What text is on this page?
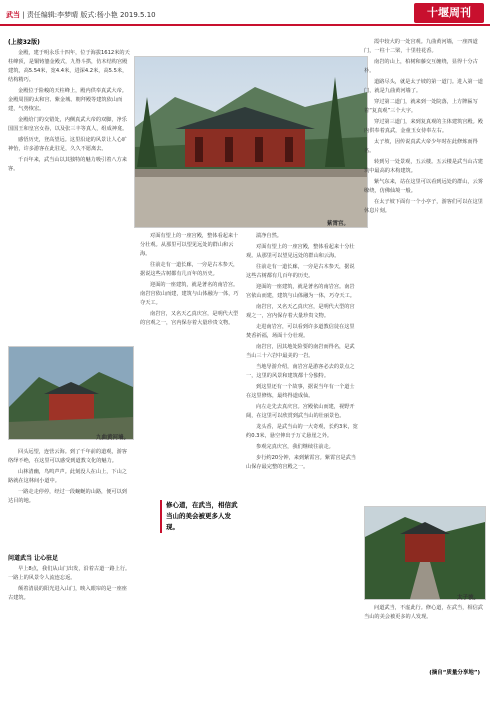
武当 | 责任编辑:李梦晴 版式:杨小艳 2019.5.10	十堰周刊
紫霄宫。
九曲黄河墙。
太子坡。

(上接32版)

金殿，建于明永乐十四年，位于海拔1612米的天柱峰顶，是铜铸鎏金殿式，九脊斗拱，仿木结构宫殿建筑，高5.54米，宽4.4米，进深4.2米，高5.5米，结构精巧。

金殿位于险峻的天柱峰上，殿内供奉真武大帝。金殿周围的太和宫、紫金城、朝拜殿等建筑依山而建，气势恢宏。

金殿给门的交错处，内侧真武大帝的双脚，净乐国国王和皇宫女眷，以及张三丰等真人，组成神龛。

感悟历史，登高望远。这里沿途的风景让人心旷神怡，许多游客在此驻足，久久不愿离去。

千百年来，武当山以其独特的魅力吸引着八方来客。

回头远望，连营云海。到了千年前的道观，游客络绎不绝，在这里可以感受到道教文化的魅力。

山林清幽，鸟鸣声声。此刻没人在山上，下山之路就在这林间小道中。

一路走走停停，经过一段蜿蜒的山路，便可以到达目的地。

问道武当 让心驻足

早上8点，我们从山门出发，沿着古道一路上行。一路上的风景令人流连忘返。

颠着清晨的阳光进入山门，映入眼帘的是一座座古建筑。

湍净自然。

对面有望上的一座宫殿，整体看起来十分壮观。从那里可以望见远处的群山和云海。

往前走有一道长廊，一旁是古木参天，据说这些古树都有几百年的历史。

迎面的一座建筑，就是著名的南岩宫。南岩宫依山而建，建筑与山体融为一体，巧夺天工。

南岩宫，又名天乙真庆宫，是明代大型的宫观之一，宫内保存着大量珍贵文物。

走进南岩宫，可以看到许多道教信徒在这里焚香祈福，场面十分壮观。

南岩宫，因其地处险要的南岩而得名，是武当山三十六岩中最美的一岩。

当地导游介绍，南岩宫是游客必去的景点之一，这里的风景和建筑都十分独特。

到这里还有一个故事，据说当年有一个道士在这里修炼，最终得道成仙。

向左走先去真庆宫。宫殿依山而建，视野开阔，在这里可以欣赏到武当山的壮丽景色。

龙头香，是武当山的一大奇观，长约3米，宽约0.3米，悬空伸出于万丈悬崖之外。

参观完真庆宫，我们继续往前走。

步行约20分钟，来到紫霄宫。紫霄宫是武当山保存最完整的宫殿之一。

对面有望上的一座宫殿，整体看起来十分壮观。从那里可以望见远处的群山和云海。

往前走有一道长廊，一旁是古木参天，据说这些古树都有几百年的历史。

迎面的一座建筑，就是著名的南岩宫。南岩宫依山而建，建筑与山体融为一体，巧夺天工。

南岩宫，又名天乙真庆宫，是明代大型的宫观之一，宫内保存着大量珍贵文物。

修心道，在武当，相信武当山的美会被更多人发现。

霞中较大的一处宫观。九曲黄河墙，一座四道门，一柱十二梁，十里桂花香。

南岩的山上，柏树和藤交互缠绕，显得十分古朴。

道路尽头，就是太子坡的第一道门。进入第一道门，就是九曲黄河墙了。

穿过第二道门，就来到一处院落，上方牌匾写着“复真观”三个大字。

穿过第三道门，来到复真观的主体建筑宫殿。殿内供奉着真武，金童玉女侍奉左右。

太子坡，因传说真武大帝少年时在此修炼而得名。

转到另一处景观，五云楼。五云楼是武当山古建筑中最高的木构建筑。

紫气东来，站在这里可以看到远处的群山，云雾缭绕，仿佛仙境一般。

在太子坡下面有一个小亭子，游客们可以在这里休息片刻。

问道武当，不虚此行。修心道，在武当，相信武当山的美会被更多的人发现。

(摘自“质量分享地”)
